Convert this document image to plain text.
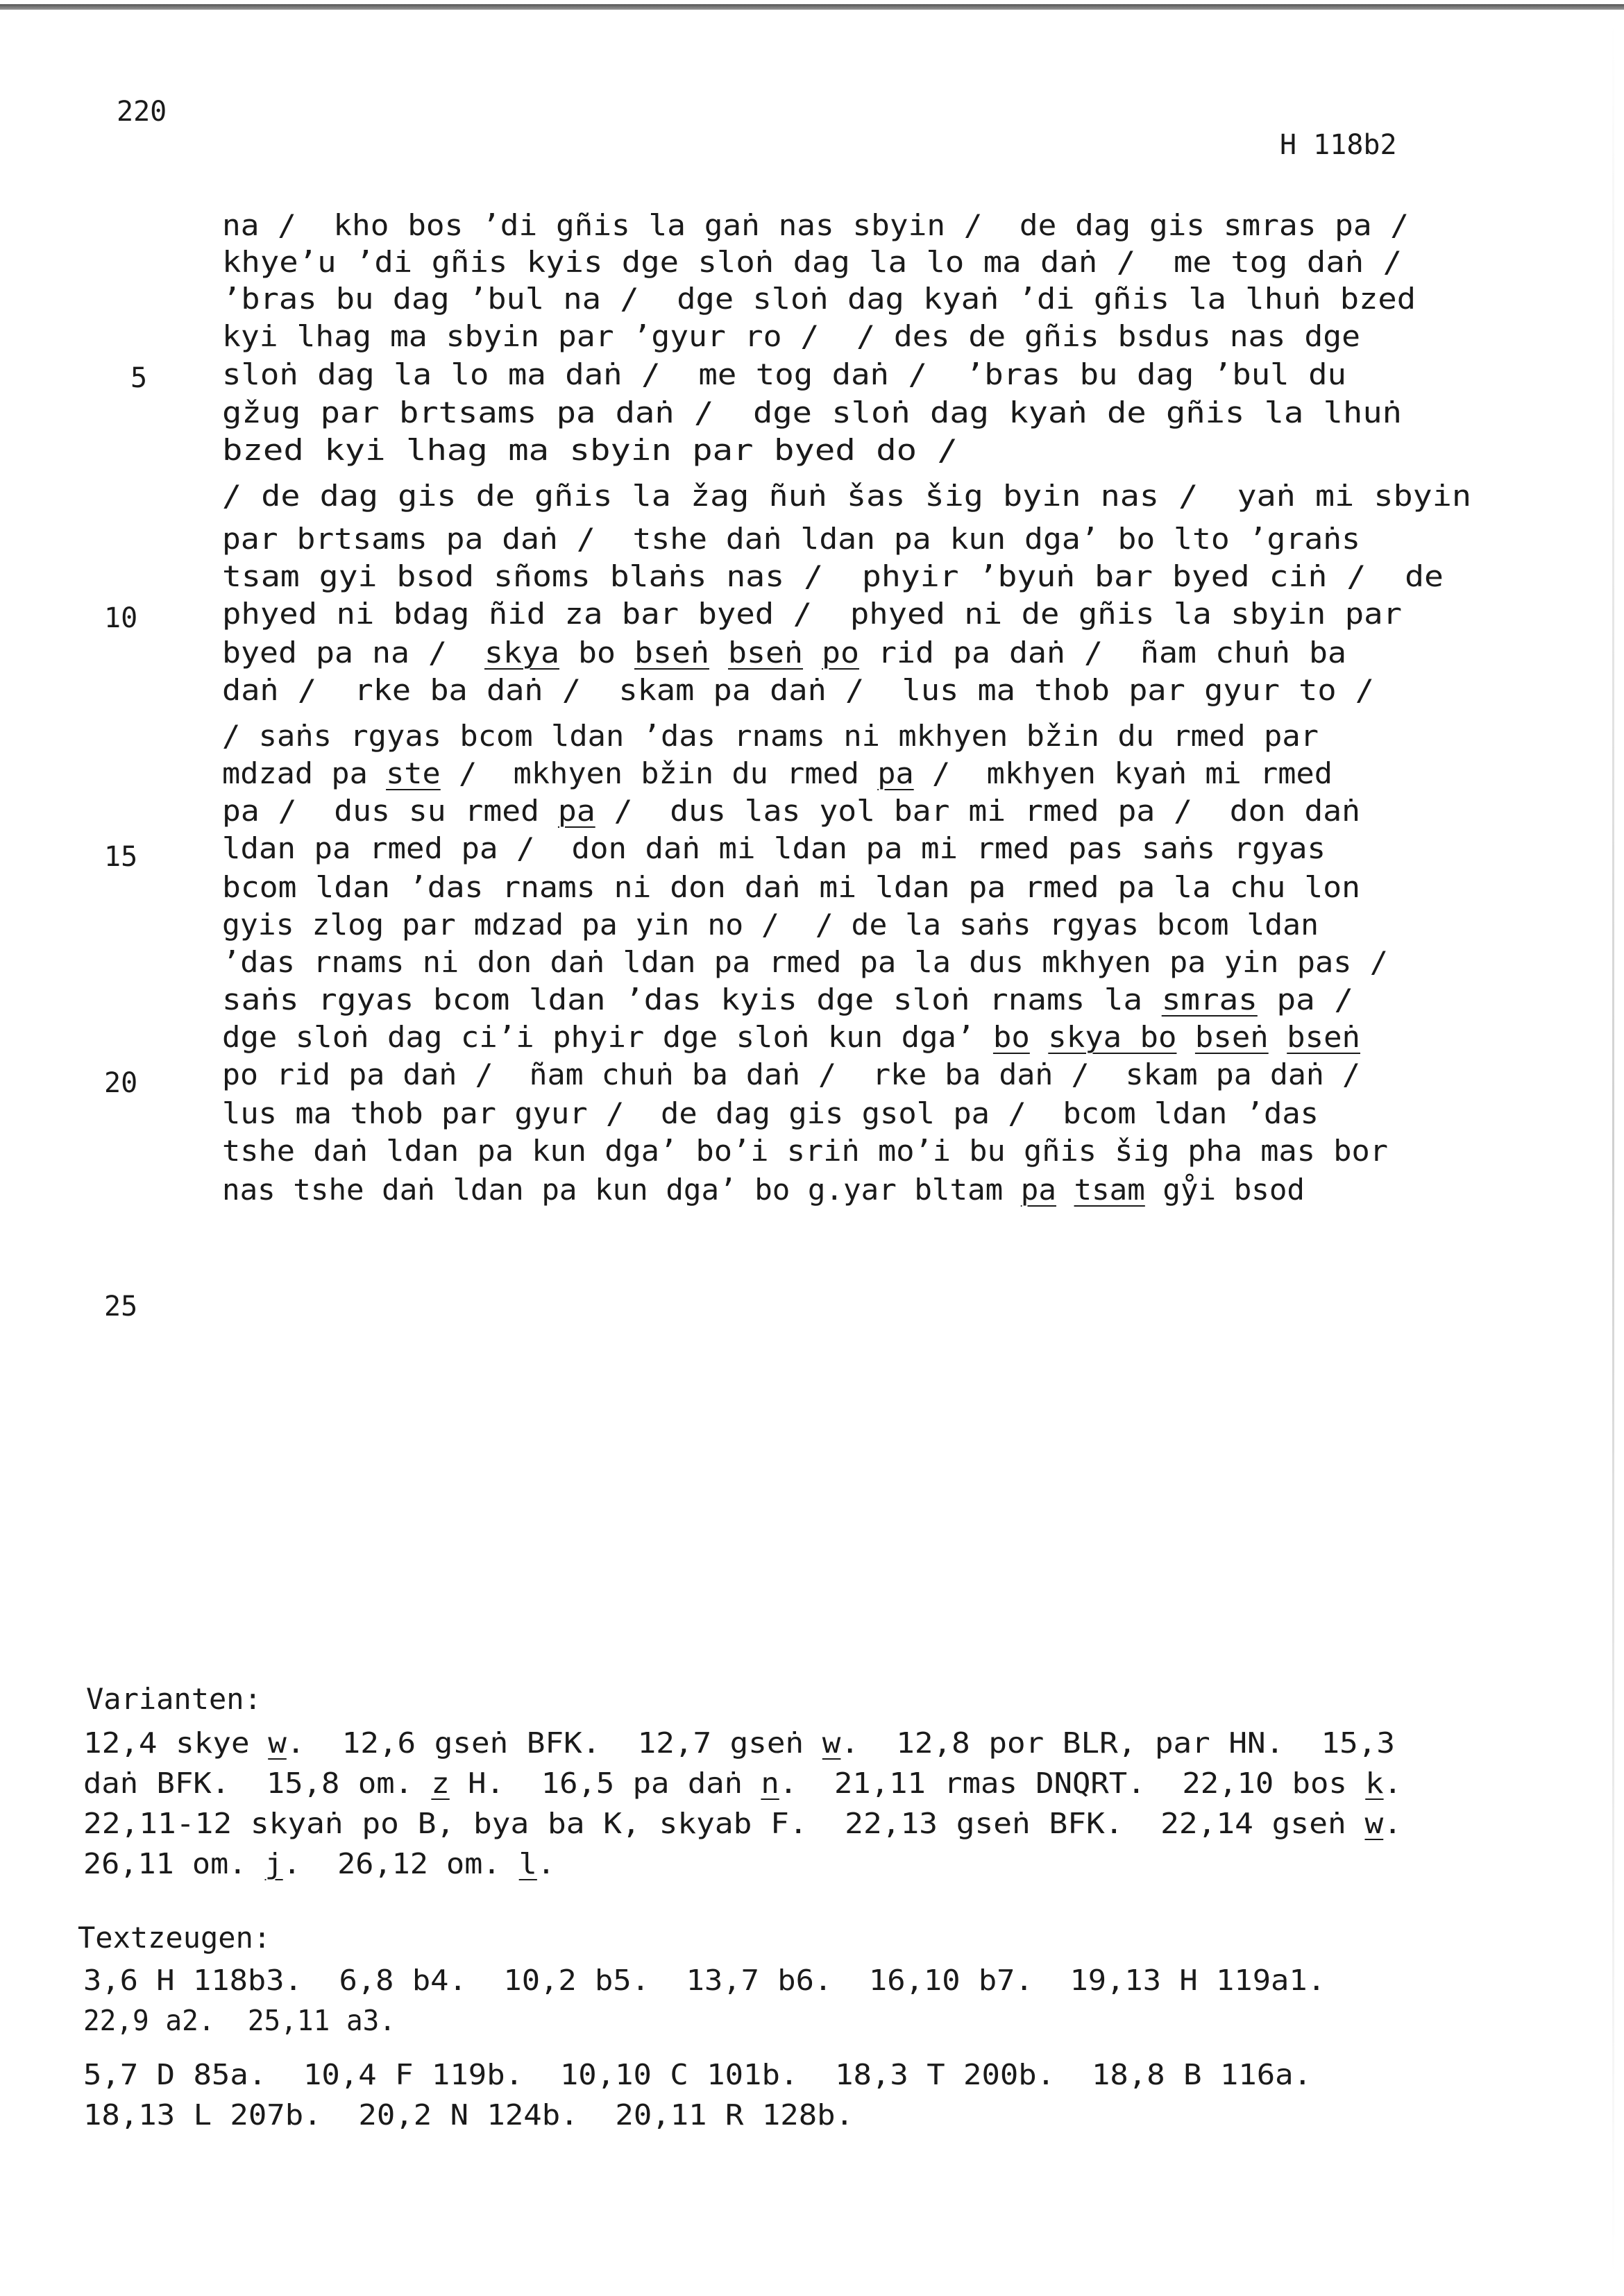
220
H 118b2
na /  kho bos ’di gñis la gaṅ nas sbyin /  de dag gis smras pa /
khye’u ’di gñis kyis dge sloṅ dag la lo ma daṅ /  me tog daṅ /
’bras bu dag ’bul na /  dge sloṅ dag kyaṅ ’di gñis la lhuṅ bzed
kyi lhag ma sbyin par ’gyur ro /  / des de gñis bsdus nas dge
sloṅ dag la lo ma daṅ /  me tog daṅ /  ’bras bu dag ’bul du
gžug par brtsams pa daṅ /  dge sloṅ dag kyaṅ de gñis la lhuṅ
bzed kyi lhag ma sbyin par byed do /
/ de dag gis de gñis la žag ñuṅ šas šig byin nas /  yaṅ mi sbyin
par brtsams pa daṅ /  tshe daṅ ldan pa kun dga’ bo lto ’graṅs
tsam gyi bsod sñoms blaṅs nas /  phyir ’byuṅ bar byed ciṅ /  de
phyed ni bdag ñid za bar byed /  phyed ni de gñis la sbyin par
byed pa na /  skya bo bseṅ bseṅ po rid pa daṅ /  ñam chuṅ ba
daṅ /  rke ba daṅ /  skam pa daṅ /  lus ma thob par gyur to /
/ saṅs rgyas bcom ldan ’das rnams ni mkhyen bžin du rmed par
mdzad pa ste /  mkhyen bžin du rmed pa /  mkhyen kyaṅ mi rmed
pa /  dus su rmed pa /  dus las yol bar mi rmed pa /  don daṅ
ldan pa rmed pa /  don daṅ mi ldan pa mi rmed pas saṅs rgyas
bcom ldan ’das rnams ni don daṅ mi ldan pa rmed pa la chu lon
gyis zlog par mdzad pa yin no /  / de la saṅs rgyas bcom ldan
’das rnams ni don daṅ ldan pa rmed pa la dus mkhyen pa yin pas /
saṅs rgyas bcom ldan ’das kyis dge sloṅ rnams la smras pa /
dge sloṅ dag ci’i phyir dge sloṅ kun dga’ bo skya bo bseṅ bseṅ
po rid pa daṅ /  ñam chuṅ ba daṅ /  rke ba daṅ /  skam pa daṅ /
lus ma thob par gyur /  de dag gis gsol pa /  bcom ldan ’das
tshe daṅ ldan pa kun dga’ bo’i sriṅ mo’i bu gñis šig pha mas bor
nas tshe daṅ ldan pa kun dga’ bo g.yar bltam pa tsam gẙi bsod
5
10
15
20
25
Varianten:
12,4 skye w.  12,6 gseṅ BFK.  12,7 gseṅ w.  12,8 por BLR, par HN.  15,3
daṅ BFK.  15,8 om. z H.  16,5 pa daṅ n.  21,11 rmas DNQRT.  22,10 bos k.
22,11-12 skyaṅ po B, bya ba K, skyab F.  22,13 gseṅ BFK.  22,14 gseṅ w.
26,11 om. j.  26,12 om. l.
Textzeugen:
3,6 H 118b3.  6,8 b4.  10,2 b5.  13,7 b6.  16,10 b7.  19,13 H 119a1.
22,9 a2.  25,11 a3.
5,7 D 85a.  10,4 F 119b.  10,10 C 101b.  18,3 T 200b.  18,8 B 116a.
18,13 L 207b.  20,2 N 124b.  20,11 R 128b.
